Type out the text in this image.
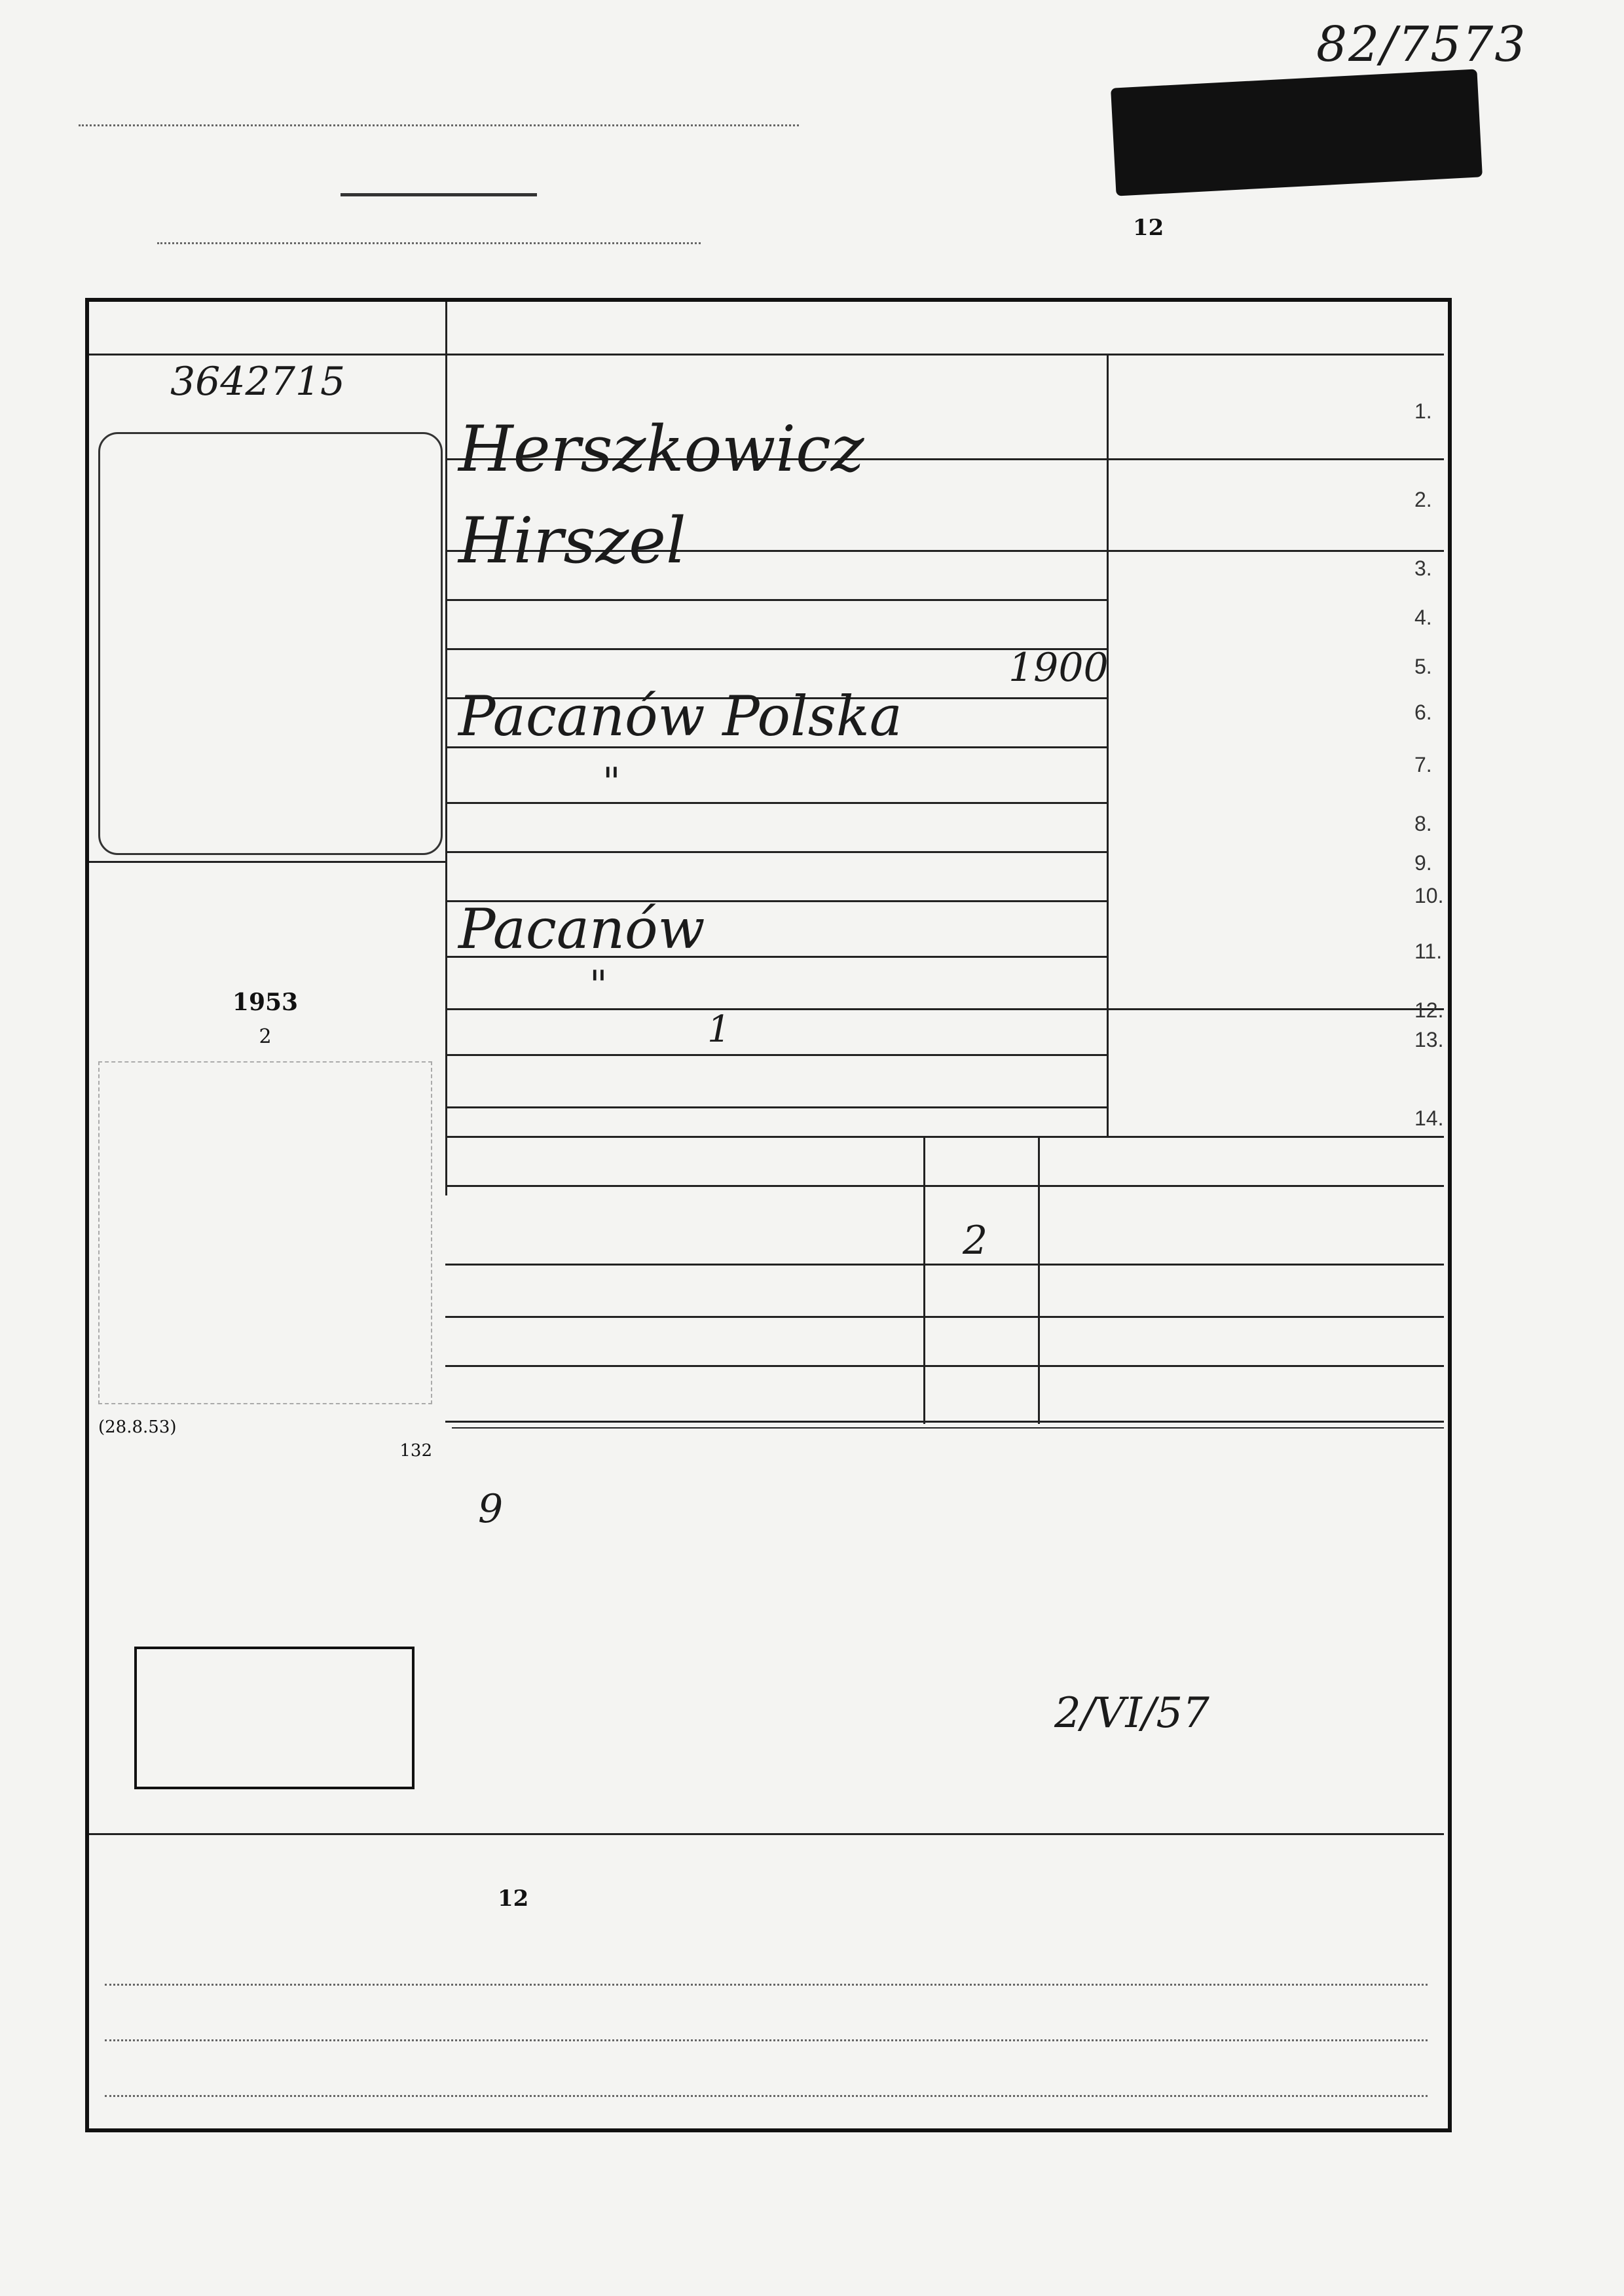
82/7573
12
3642715
1953
2
(28.8.53)
132
1.
2.
3.
4.
5.
6.
7.
8.
9.
10.
11.
12.
13.
14.
Herszkowicz
Hirszel
1900
Pacanów Polska
"
Pacanów
"
1
2
9
2/VI/57
12
